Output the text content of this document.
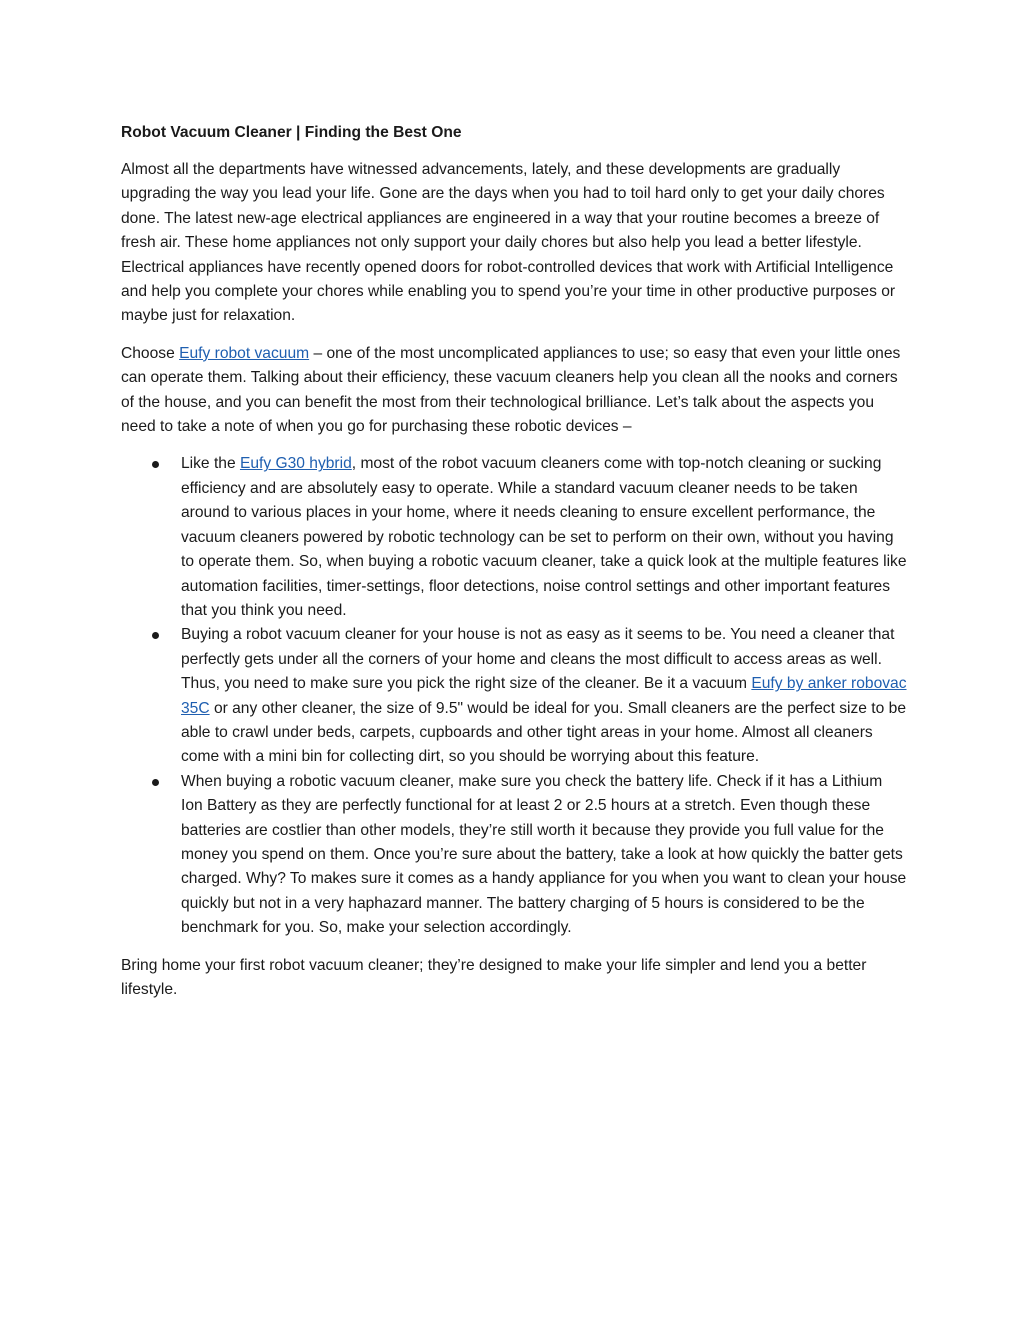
Robot Vacuum Cleaner | Finding the Best One

Almost all the departments have witnessed advancements, lately, and these developments are gradually upgrading the way you lead your life. Gone are the days when you had to toil hard only to get your daily chores done. The latest new-age electrical appliances are engineered in a way that your routine becomes a breeze of fresh air. These home appliances not only support your daily chores but also help you lead a better lifestyle. Electrical appliances have recently opened doors for robot-controlled devices that work with Artificial Intelligence and help you complete your chores while enabling you to spend you’re your time in other productive purposes or maybe just for relaxation.

Choose Eufy robot vacuum – one of the most uncomplicated appliances to use; so easy that even your little ones can operate them. Talking about their efficiency, these vacuum cleaners help you clean all the nooks and corners of the house, and you can benefit the most from their technological brilliance. Let’s talk about the aspects you need to take a note of when you go for purchasing these robotic devices –

Like the Eufy G30 hybrid, most of the robot vacuum cleaners come with top-notch cleaning or sucking efficiency and are absolutely easy to operate. While a standard vacuum cleaner needs to be taken around to various places in your home, where it needs cleaning to ensure excellent performance, the vacuum cleaners powered by robotic technology can be set to perform on their own, without you having to operate them. So, when buying a robotic vacuum cleaner, take a quick look at the multiple features like automation facilities, timer-settings, floor detections, noise control settings and other important features that you think you need.
Buying a robot vacuum cleaner for your house is not as easy as it seems to be. You need a cleaner that perfectly gets under all the corners of your home and cleans the most difficult to access areas as well. Thus, you need to make sure you pick the right size of the cleaner. Be it a vacuum Eufy by anker robovac 35C or any other cleaner, the size of 9.5" would be ideal for you. Small cleaners are the perfect size to be able to crawl under beds, carpets, cupboards and other tight areas in your home. Almost all cleaners come with a mini bin for collecting dirt, so you should be worrying about this feature.
When buying a robotic vacuum cleaner, make sure you check the battery life. Check if it has a Lithium Ion Battery as they are perfectly functional for at least 2 or 2.5 hours at a stretch. Even though these batteries are costlier than other models, they’re still worth it because they provide you full value for the money you spend on them. Once you’re sure about the battery, take a look at how quickly the batter gets charged. Why? To makes sure it comes as a handy appliance for you when you want to clean your house quickly but not in a very haphazard manner. The battery charging of 5 hours is considered to be the benchmark for you. So, make your selection accordingly.

Bring home your first robot vacuum cleaner; they’re designed to make your life simpler and lend you a better lifestyle.
